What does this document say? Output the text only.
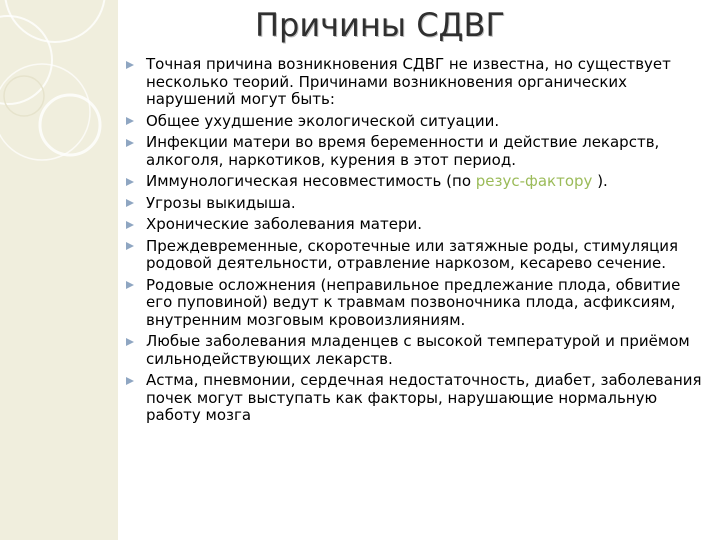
Причины СДВГ
Точная причина возникновения СДВГ не известна, но существует несколько теорий. Причинами возникновения органических нарушений могут быть:
Общее ухудшение экологической ситуации.
Инфекции матери во время беременности и действие лекарств, алкоголя, наркотиков, курения в этот период.
Иммунологическая несовместимость (по резус-фактору ).
Угрозы выкидыша.
Хронические заболевания матери.
Преждевременные, скоротечные или затяжные роды, стимуляция родовой деятельности, отравление наркозом, кесарево сечение.
Родовые осложнения (неправильное предлежание плода, обвитие его пуповиной) ведут к травмам позвоночника плода, асфиксиям, внутренним мозговым кровоизлияниям.
Любые заболевания младенцев с высокой температурой и приёмом сильнодействующих лекарств.
Астма, пневмонии, сердечная недостаточность, диабет, заболевания почек могут выступать как факторы, нарушающие нормальную работу мозга
